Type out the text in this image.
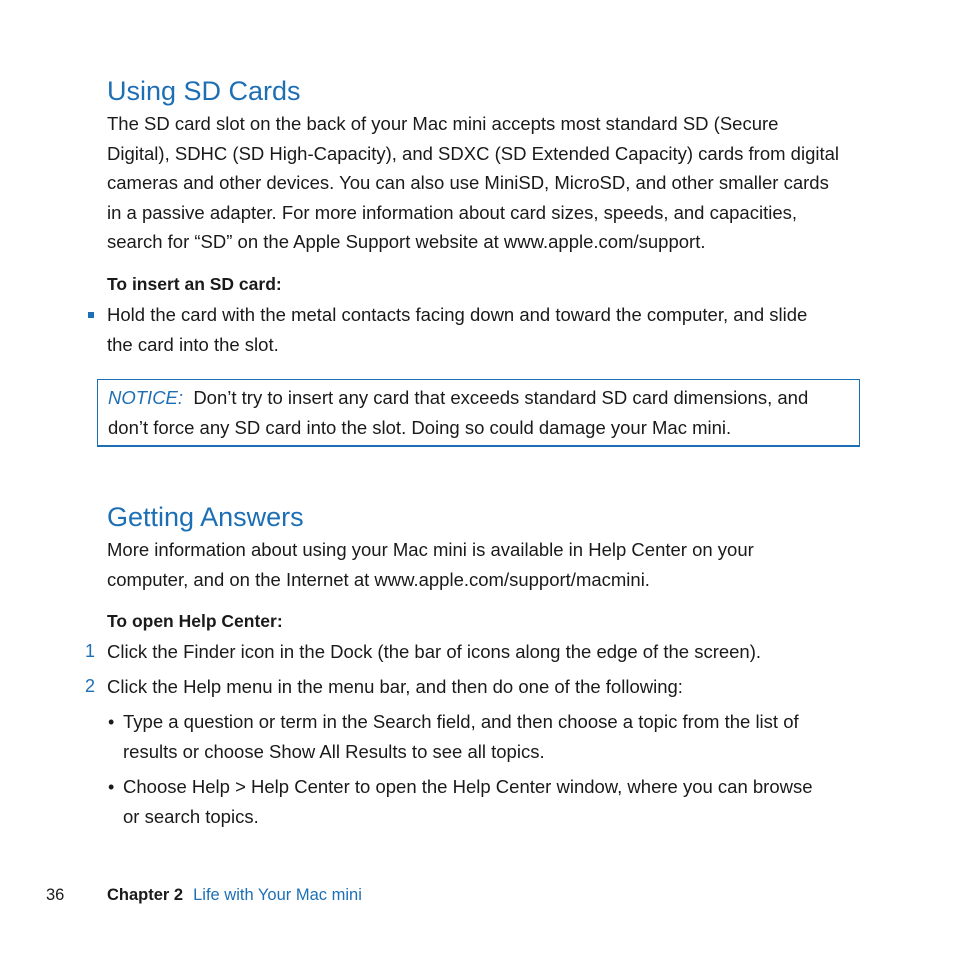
Using SD Cards
The SD card slot on the back of your Mac mini accepts most standard SD (Secure
Digital), SDHC (SD High-Capacity), and SDXC (SD Extended Capacity) cards from digital
cameras and other devices. You can also use MiniSD, MicroSD, and other smaller cards
in a passive adapter. For more information about card sizes, speeds, and capacities,
search for “SD” on the Apple Support website at www.apple.com/support.
To insert an SD card:
Hold the card with the metal contacts facing down and toward the computer, and slide
the card into the slot.
NOTICE: Don’t try to insert any card that exceeds standard SD card dimensions, and
don’t force any SD card into the slot. Doing so could damage your Mac mini.
Getting Answers
More information about using your Mac mini is available in Help Center on your
computer, and on the Internet at www.apple.com/support/macmini.
To open Help Center:
1 Click the Finder icon in the Dock (the bar of icons along the edge of the screen).
2 Click the Help menu in the menu bar, and then do one of the following:
• Type a question or term in the Search field, and then choose a topic from the list of
results or choose Show All Results to see all topics.
• Choose Help > Help Center to open the Help Center window, where you can browse
or search topics.
36	Chapter 2 Life with Your Mac mini
